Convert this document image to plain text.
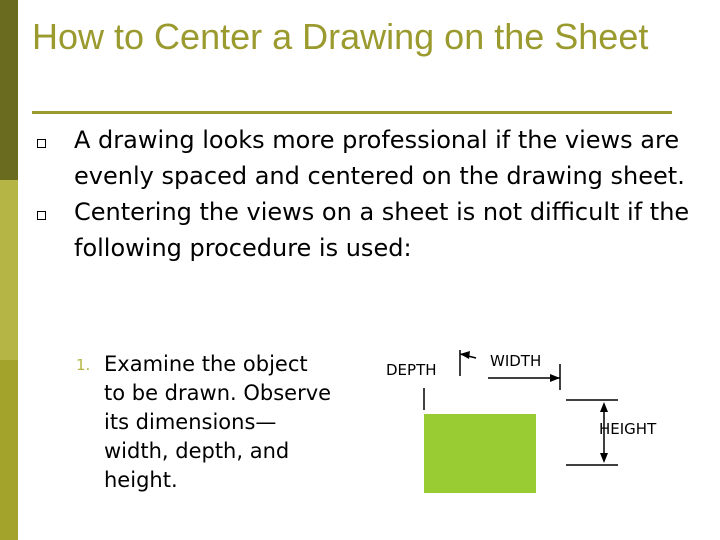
How to Center a Drawing on the Sheet
A drawing looks more professional if the views are evenly spaced and centered on the drawing sheet.
Centering the views on a sheet is not difficult if the following procedure is used:
1. Examine the object to be drawn. Observe its dimensions—width, depth, and height.
DEPTH	WIDTH
HEIGHT
